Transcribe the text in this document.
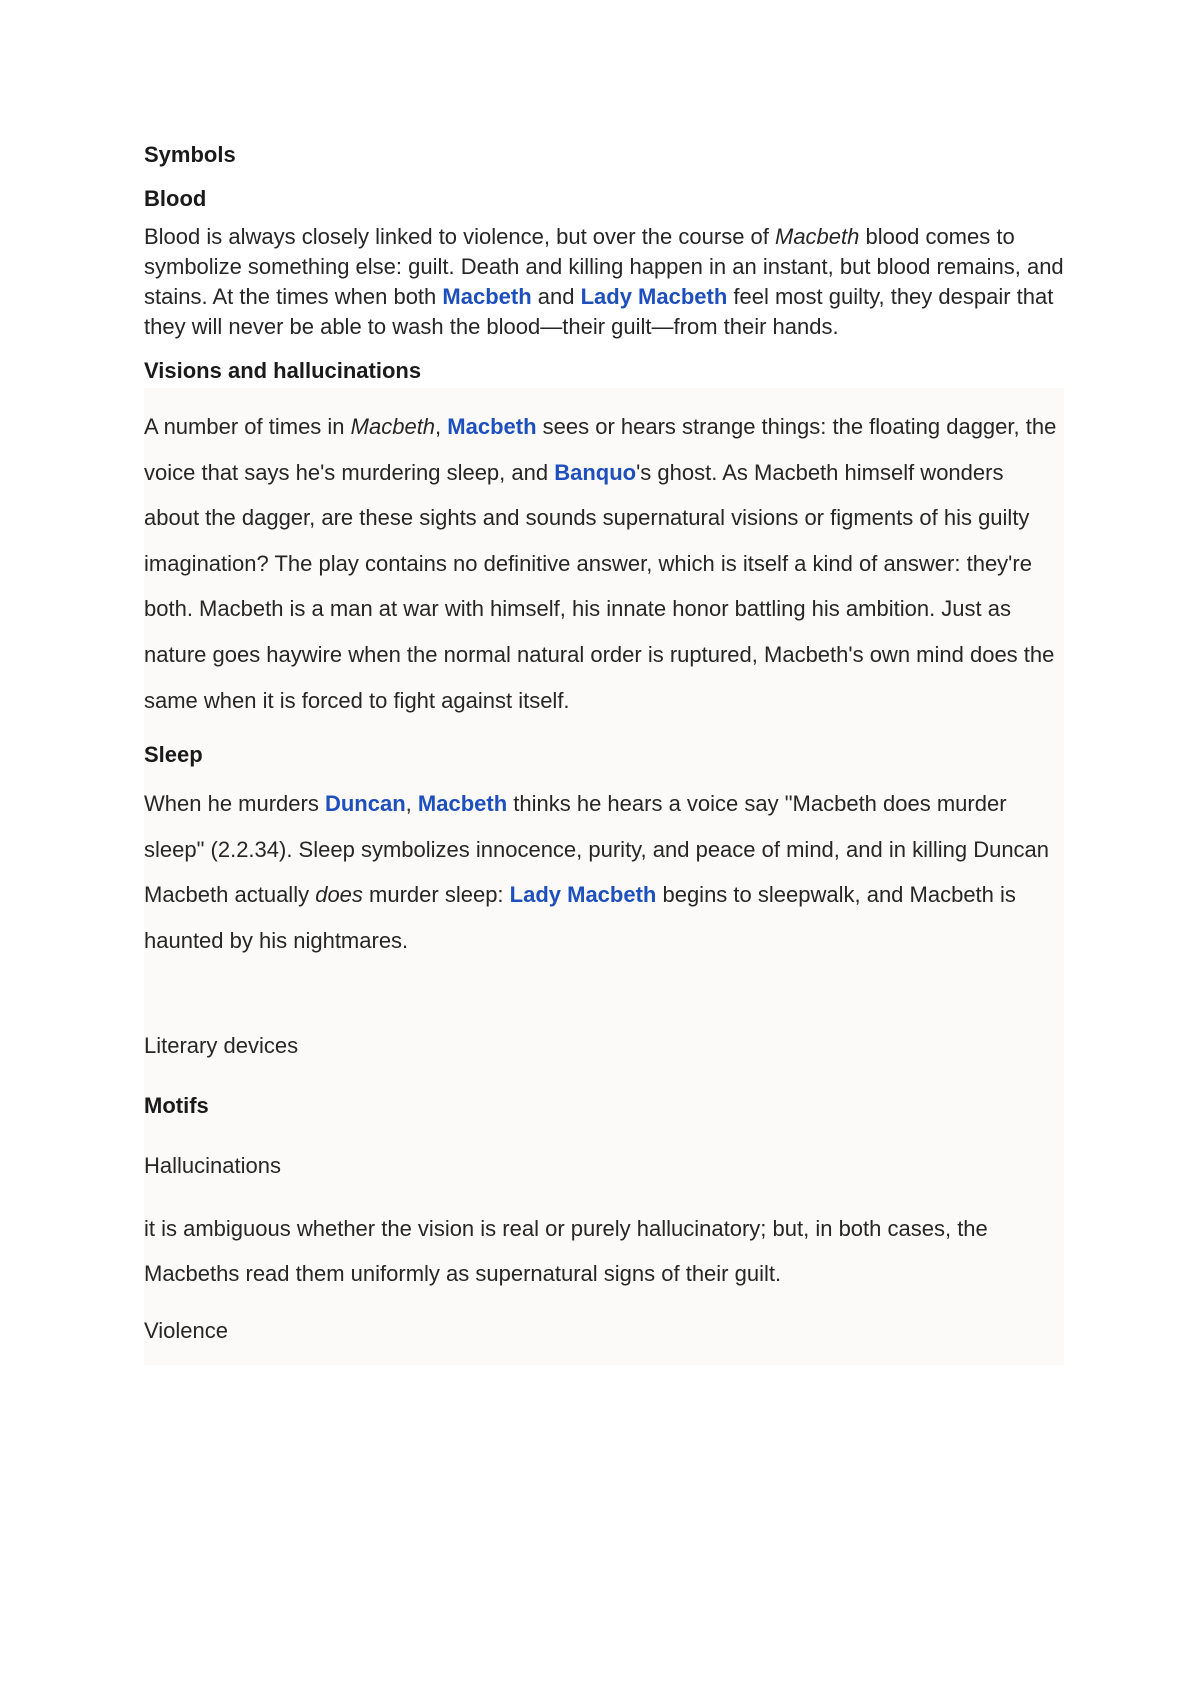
Symbols
Blood

Blood is always closely linked to violence, but over the course of Macbeth blood comes to symbolize something else: guilt. Death and killing happen in an instant, but blood remains, and stains. At the times when both Macbeth and Lady Macbeth feel most guilty, they despair that they will never be able to wash the blood—their guilt—from their hands.

Visions and hallucinations

A number of times in Macbeth, Macbeth sees or hears strange things: the floating dagger, the voice that says he's murdering sleep, and Banquo's ghost. As Macbeth himself wonders about the dagger, are these sights and sounds supernatural visions or figments of his guilty imagination? The play contains no definitive answer, which is itself a kind of answer: they're both. Macbeth is a man at war with himself, his innate honor battling his ambition. Just as nature goes haywire when the normal natural order is ruptured, Macbeth's own mind does the same when it is forced to fight against itself.

Sleep

When he murders Duncan, Macbeth thinks he hears a voice say "Macbeth does murder sleep" (2.2.34). Sleep symbolizes innocence, purity, and peace of mind, and in killing Duncan Macbeth actually does murder sleep: Lady Macbeth begins to sleepwalk, and Macbeth is haunted by his nightmares.

Literary devices
Motifs
Hallucinations

it is ambiguous whether the vision is real or purely hallucinatory; but, in both cases, the Macbeths read them uniformly as supernatural signs of their guilt.

Violence
